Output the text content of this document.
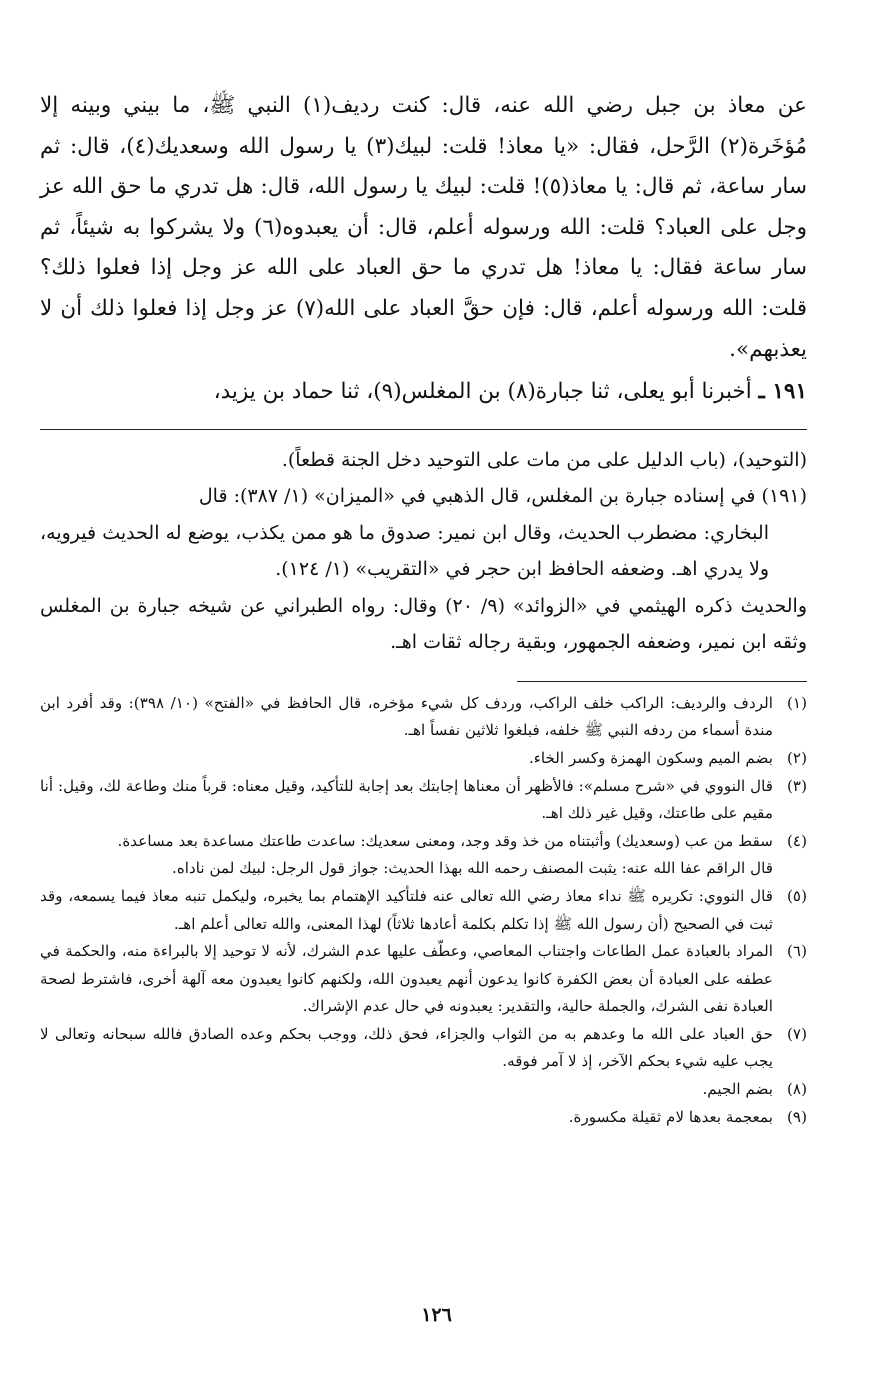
عن معاذ بن جبل رضي الله عنه، قال: كنت رديف(١) النبي ﷺ، ما بيني وبينه إلا مُؤخَرة(٢) الرَّحل، فقال: «يا معاذ! قلت: لبيك(٣) يا رسول الله وسعديك(٤)، قال: ثم سار ساعة، ثم قال: يا معاذ(٥)! قلت: لبيك يا رسول الله، قال: هل تدري ما حق الله عز وجل على العباد؟ قلت: الله ورسوله أعلم، قال: أن يعبدوه(٦) ولا يشركوا به شيئاً، ثم سار ساعة فقال: يا معاذ! هل تدري ما حق العباد على الله عز وجل إذا فعلوا ذلك؟ قلت: الله ورسوله أعلم، قال: فإن حقَّ العباد على الله(٧) عز وجل إذا فعلوا ذلك أن لا يعذبهم».

١٩١ ـ أخبرنا أبو يعلى، ثنا جبارة(٨) بن المغلس(٩)، ثنا حماد بن يزيد،

(التوحيد)، (باب الدليل على من مات على التوحيد دخل الجنة قطعاً).

(١٩١) في إسناده جبارة بن المغلس، قال الذهبي في «الميزان» (١/ ٣٨٧): قال

البخاري: مضطرب الحديث، وقال ابن نمير: صدوق ما هو ممن يكذب، يوضع له الحديث فيرويه، ولا يدري اهـ. وضعفه الحافظ ابن حجر في «التقريب» (١/ ١٢٤).

والحديث ذكره الهيثمي في «الزوائد» (٩/ ٢٠) وقال: رواه الطبراني عن شيخه جبارة بن المغلس وثقه ابن نمير، وضعفه الجمهور، وبقية رجاله ثقات اهـ.

(١)
الردف والرديف: الراكب خلف الراكب، وردف كل شيء مؤخره، قال الحافظ في «الفتح» (١٠/ ٣٩٨): وقد أفرد ابن مندة أسماء من ردفه النبي ﷺ خلفه، فبلغوا ثلاثين نفساً اهـ.
(٢)
بضم الميم وسكون الهمزة وكسر الخاء.
(٣)
قال النووي في «شرح مسلم»: فالأظهر أن معناها إجابتك بعد إجابة للتأكيد، وقيل معناه: قرباً منك وطاعة لك، وقيل: أنا مقيم على طاعتك، وقيل غير ذلك اهـ.
(٤)
سقط من عب (وسعديك) وأثبتناه من خذ وقد وجد، ومعنى سعديك: ساعدت طاعتك مساعدة بعد مساعدة.

قال الراقم عفا الله عنه: يثبت المصنف رحمه الله بهذا الحديث: جواز قول الرجل: لبيك لمن ناداه.

(٥)
قال النووي: تكريره ﷺ نداء معاذ رضي الله تعالى عنه فلتأكيد الإهتمام بما يخبره، وليكمل تنبه معاذ فيما يسمعه، وقد ثبت في الصحيح (أن رسول الله ﷺ إذا تكلم بكلمة أعادها ثلاثاً) لهذا المعنى، والله تعالى أعلم اهـ.
(٦)
المراد بالعبادة عمل الطاعات واجتناب المعاصي، وعطّف عليها عدم الشرك، لأنه لا توحيد إلا بالبراءة منه، والحكمة في عطفه على العبادة أن بعض الكفرة كانوا يدعون أنهم يعبدون الله، ولكنهم كانوا يعبدون معه آلهة أخرى، فاشترط لصحة العبادة نفى الشرك، والجملة حالية، والتقدير: يعبدونه في حال عدم الإشراك.
(٧)
حق العباد على الله ما وعدهم به من الثواب والجزاء، فحق ذلك، ووجب بحكم وعده الصادق فالله سبحانه وتعالى لا يجب عليه شيء بحكم الآخر، إذ لا آمر فوقه.
(٨)
بضم الجيم.
(٩)
بمعجمة بعدها لام ثقيلة مكسورة.
١٢٦
